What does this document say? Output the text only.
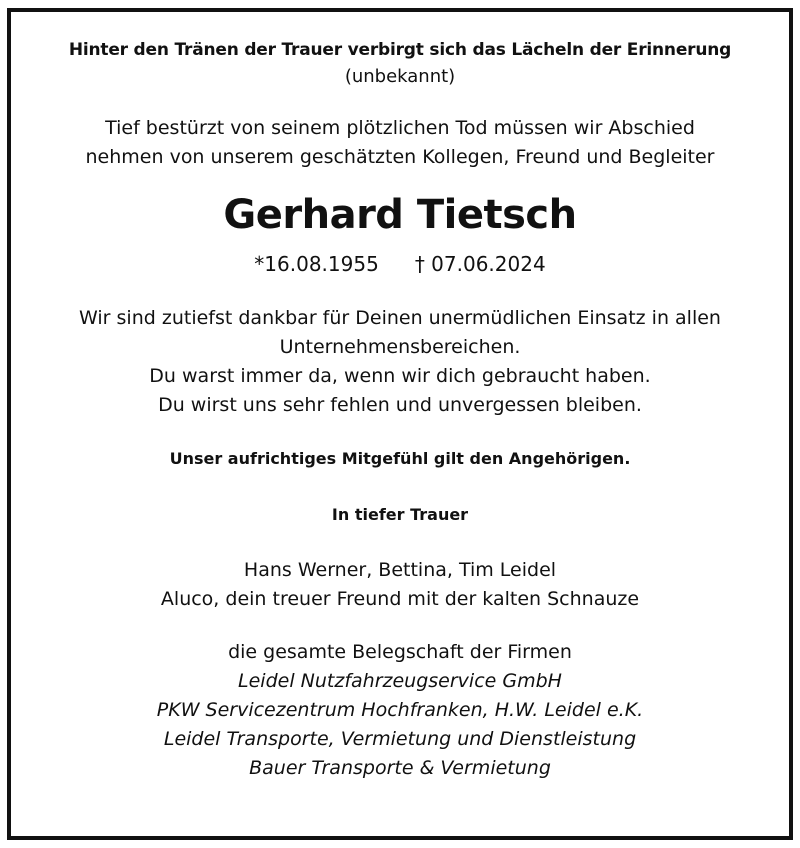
Hinter den Tränen der Trauer verbirgt sich das Lächeln der Erinnerung
(unbekannt)
Tief bestürzt von seinem plötzlichen Tod müssen wir Abschied
nehmen von unserem geschätzten Kollegen, Freund und Begleiter
Gerhard Tietsch
*16.08.1955 † 07.06.2024
Wir sind zutiefst dankbar für Deinen unermüdlichen Einsatz in allen
Unternehmensbereichen.
Du warst immer da, wenn wir dich gebraucht haben.
Du wirst uns sehr fehlen und unvergessen bleiben.
Unser aufrichtiges Mitgefühl gilt den Angehörigen.
In tiefer Trauer
Hans Werner, Bettina, Tim Leidel
Aluco, dein treuer Freund mit der kalten Schnauze
die gesamte Belegschaft der Firmen
Leidel Nutzfahrzeugservice GmbH
PKW Servicezentrum Hochfranken, H.W. Leidel e.K.
Leidel Transporte, Vermietung und Dienstleistung
Bauer Transporte & Vermietung
